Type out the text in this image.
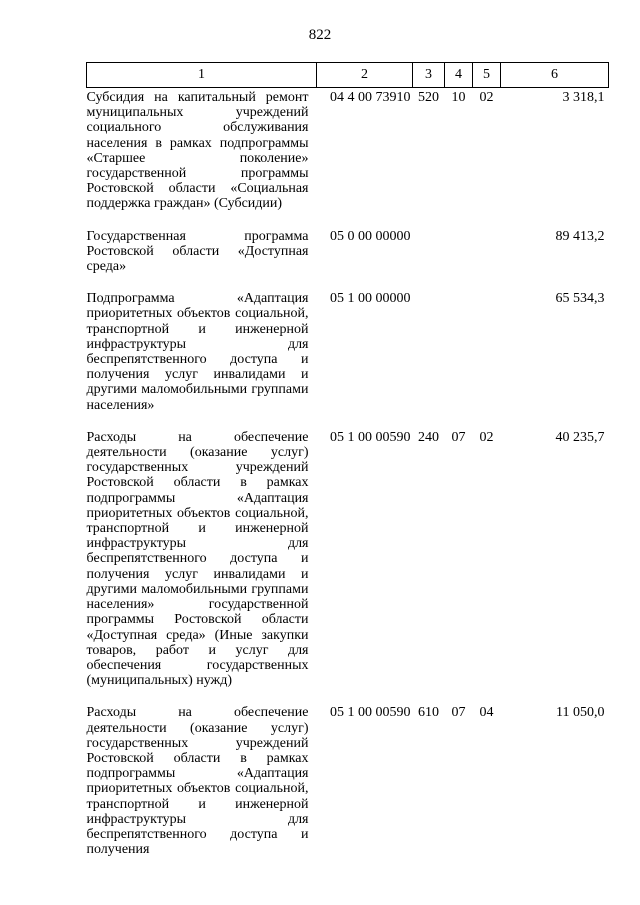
822
1	2	3	4	5	6
Субсидия на капитальный ремонт муниципальных учреждений социального обслуживания населения в рамках подпрограммы «Старшее поколение» государственной программы Ростовской области «Социальная поддержка граждан» (Субсидии)	04 4 00 73910	520	10	02	3 318,1
Государственная программа Ростовской области «Доступная среда»	05 0 00 00000				89 413,2
Подпрограмма «Адаптация приоритетных объектов социальной, транспортной и инженерной инфраструктуры для беспрепятственного доступа и получения услуг инвалидами и другими маломобильными группами населения»	05 1 00 00000				65 534,3
Расходы на обеспечение деятельности (оказание услуг) государственных учреждений Ростовской области в рамках подпрограммы «Адаптация приоритетных объектов социальной, транспортной и инженерной инфраструктуры для беспрепятственного доступа и получения услуг инвалидами и другими маломобильными группами населения» государственной программы Ростовской области «Доступная среда» (Иные закупки товаров, работ и услуг для обеспечения государственных (муниципальных) нужд)	05 1 00 00590	240	07	02	40 235,7
Расходы на обеспечение деятельности (оказание услуг) государственных учреждений Ростовской области в рамках подпрограммы «Адаптация приоритетных объектов социальной, транспортной и инженерной инфраструктуры для беспрепятственного доступа и получения	05 1 00 00590	610	07	04	11 050,0
